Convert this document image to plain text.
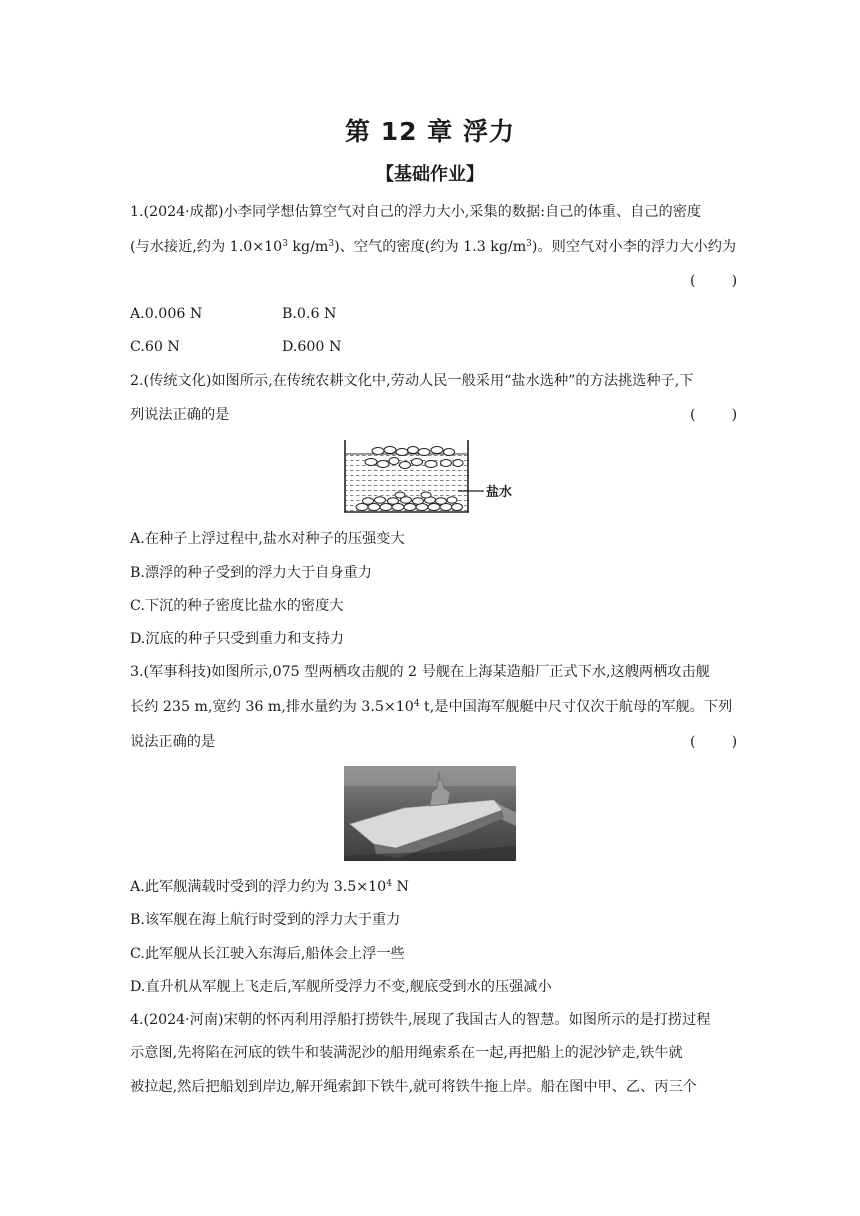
第 12 章 浮力
【基础作业】
1.(2024·成都)小李同学想估算空气对自己的浮力大小,采集的数据:自己的体重、自己的密度
(与水接近,约为 $1.0\times 10^3$ $kg/m^3$)、空气的密度(约为 1.3 $kg/m^3$)。则空气对小李的浮力大小约为
(        )
A.0.006 N	B.0.6 N
C.60 N	D.600 N
2.(传统文化)如图所示,在传统农耕文化中,劳动人民一般采用“盐水选种”的方法挑选种子,下
列说法正确的是	(        )
盐水
A.在种子上浮过程中,盐水对种子的压强变大
B.漂浮的种子受到的浮力大于自身重力
C.下沉的种子密度比盐水的密度大
D.沉底的种子只受到重力和支持力
3.(军事科技)如图所示,075 型两栖攻击舰的 2 号舰在上海某造船厂正式下水,这艘两栖攻击舰
长约 235 m,宽约 36 m,排水量约为 $3.5\times 10^4$ t,是中国海军舰艇中尺寸仅次于航母的军舰。下列
说法正确的是	(        )
A.此军舰满载时受到的浮力约为 $3.5\times 10^4$ N
B.该军舰在海上航行时受到的浮力大于重力
C.此军舰从长江驶入东海后,船体会上浮一些
D.直升机从军舰上飞走后,军舰所受浮力不变,舰底受到水的压强减小
4.(2024·河南)宋朝的怀丙利用浮船打捞铁牛,展现了我国古人的智慧。如图所示的是打捞过程
示意图,先将陷在河底的铁牛和装满泥沙的船用绳索系在一起,再把船上的泥沙铲走,铁牛就
被拉起,然后把船划到岸边,解开绳索卸下铁牛,就可将铁牛拖上岸。船在图中甲、乙、丙三个
